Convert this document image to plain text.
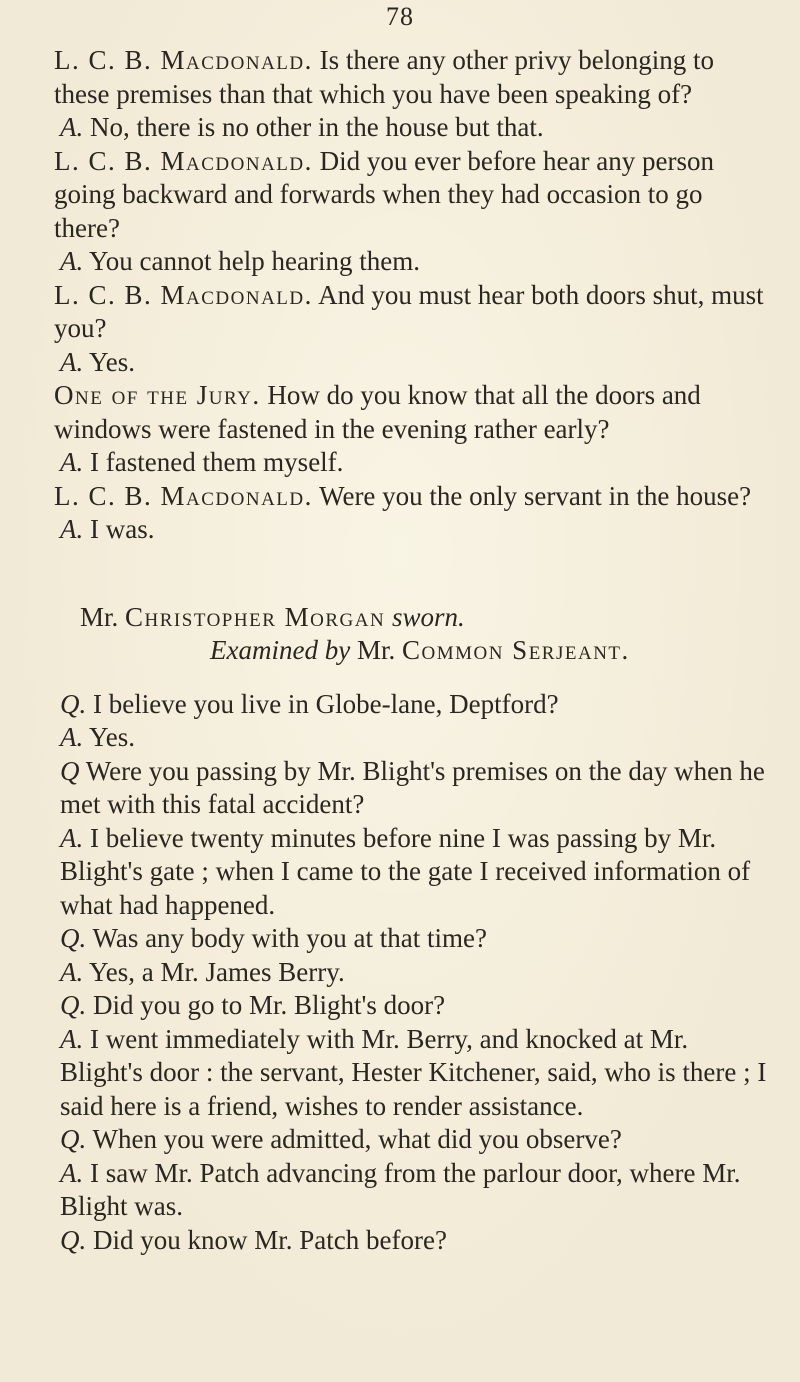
78

L. C. B. Macdonald. Is there any other privy belonging to these premises than that which you have been speaking of?

A. No, there is no other in the house but that.

L. C. B. Macdonald. Did you ever before hear any person going backward and forwards when they had occasion to go there?

A. You cannot help hearing them.

L. C. B. Macdonald. And you must hear both doors shut, must you?

A. Yes.

One of the Jury. How do you know that all the doors and windows were fastened in the evening rather early?

A. I fastened them myself.

L. C. B. Macdonald. Were you the only servant in the house?

A. I was.

Mr. Christopher Morgan sworn.

Examined by Mr. Common Serjeant.

Q. I believe you live in Globe-lane, Deptford?

A. Yes.

Q Were you passing by Mr. Blight's premises on the day when he met with this fatal accident?

A. I believe twenty minutes before nine I was passing by Mr. Blight's gate ; when I came to the gate I received information of what had happened.

Q. Was any body with you at that time?

A. Yes, a Mr. James Berry.

Q. Did you go to Mr. Blight's door?

A. I went immediately with Mr. Berry, and knocked at Mr. Blight's door : the servant, Hester Kitchener, said, who is there ; I said here is a friend, wishes to render assistance.

Q. When you were admitted, what did you observe?

A. I saw Mr. Patch advancing from the parlour door, where Mr. Blight was.

Q. Did you know Mr. Patch before?
